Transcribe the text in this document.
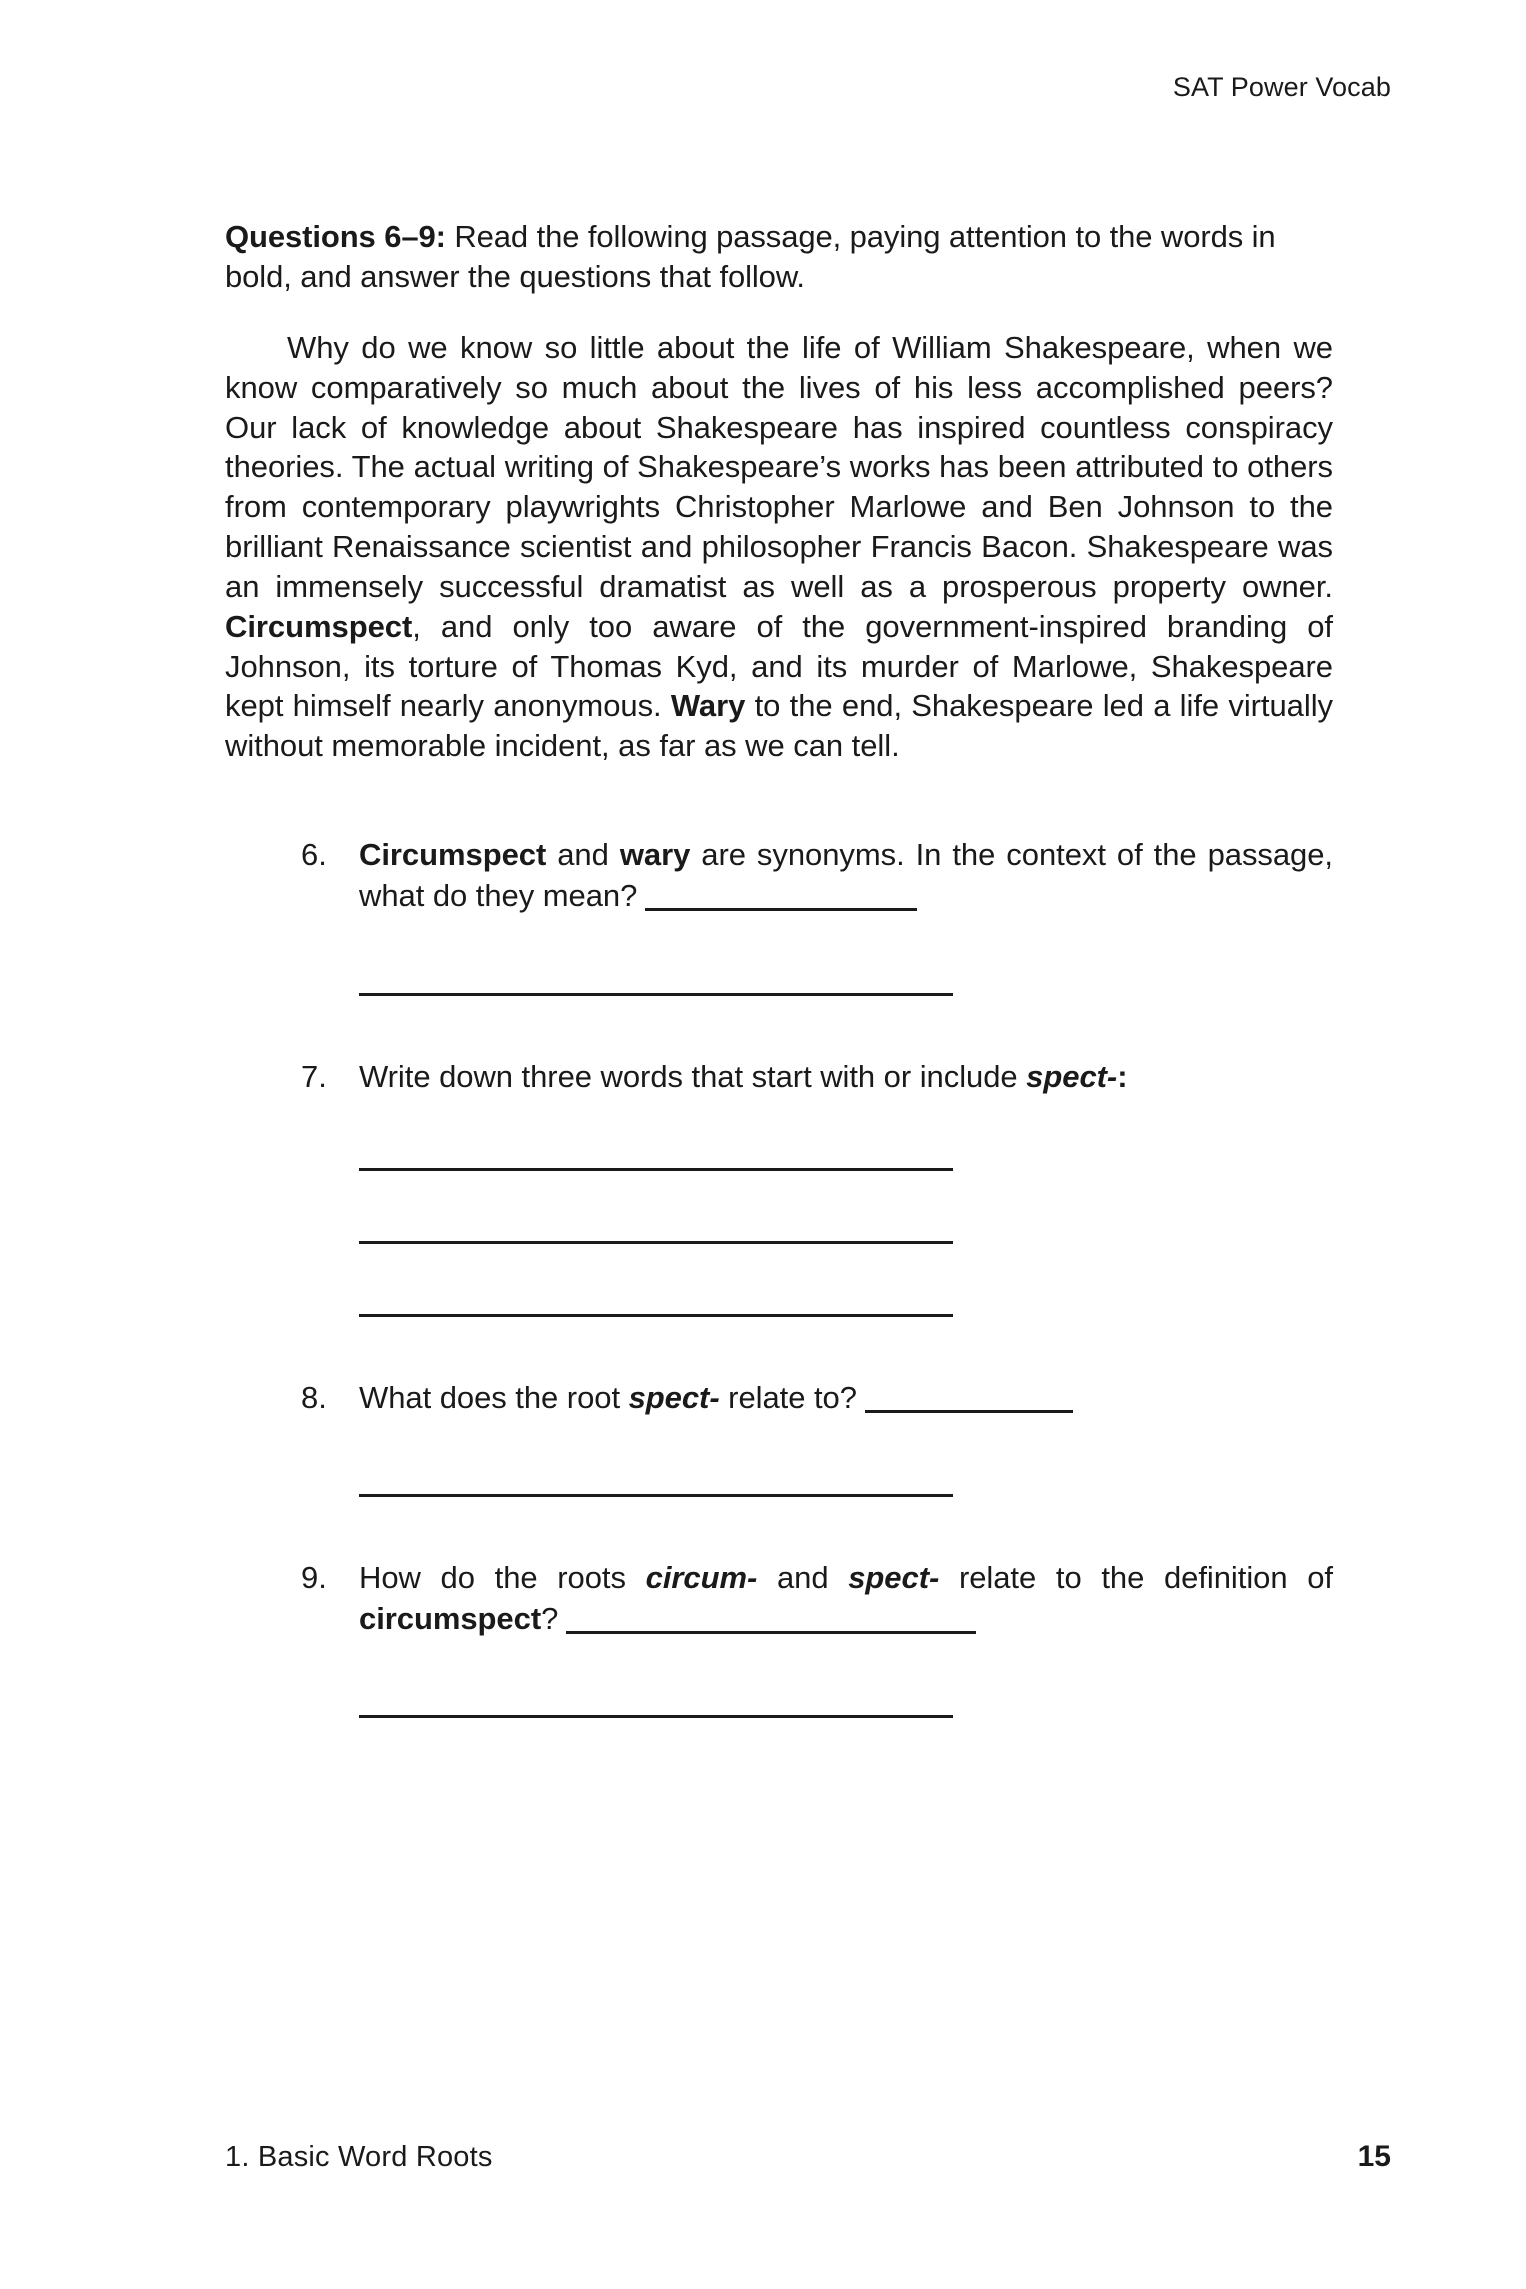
SAT Power Vocab

Questions 6–9: Read the following passage, paying attention to the words in bold, and answer the questions that follow.

Why do we know so little about the life of William Shakespeare, when we know comparatively so much about the lives of his less accomplished peers? Our lack of knowledge about Shakespeare has inspired countless conspiracy theories. The actual writing of Shakespeare’s works has been attributed to others from contemporary playwrights Christopher Marlowe and Ben Johnson to the brilliant Renaissance scientist and philosopher Francis Bacon. Shakespeare was an immensely successful dramatist as well as a prosperous property owner. Circumspect, and only too aware of the government-inspired branding of Johnson, its torture of Thomas Kyd, and its murder of Marlowe, Shakespeare kept himself nearly anonymous. Wary to the end, Shakespeare led a life virtually without memorable incident, as far as we can tell.

6.	Circumspect and wary are synonyms. In the context of the passage, what do they mean?
7.	Write down three words that start with or include spect-:
8.	What does the root spect- relate to?
9.	How do the roots circum- and spect- relate to the definition of circumspect?
1. Basic Word Roots	15
